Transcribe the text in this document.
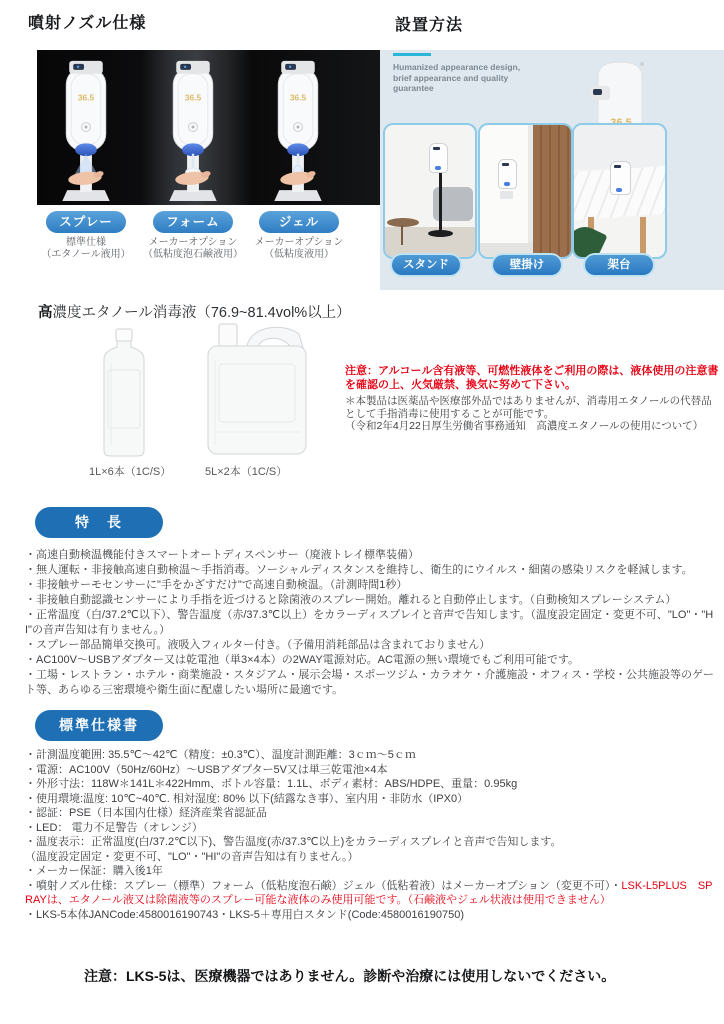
噴射ノズル仕様
36.5	36.5	36.5
スプレー
標準仕様
（エタノール液用）
フォーム
メーカーオプション
（低粘度泡石鹸液用）
ジェル
メーカーオプション
（低粘度液用）
設置方法
Humanized appearance design, brief appearance and quality guarantee
スタンド	壁掛け	架台
高濃度エタノール消毒液（76.9~81.4vol%以上）
1L×6本（1C/S）	5L×2本（1C/S）
注意：アルコール含有液等、可燃性液体をご利用の際は、液体使用の注意書を確認の上、火気厳禁、換気に努めて下さい。
＊本製品は医薬品や医療部外品ではありませんが、消毒用エタノールの代替品として手指消毒に使用することが可能です。
（令和2年4月22日厚生労働省事務通知　高濃度エタノールの使用について）
特　長
・高速自動検温機能付きスマートオートディスペンサー（廃液トレイ標準装備）
・無人運転・非接触高速自動検温～手指消毒。ソーシャルディスタンスを維持し、衛生的にウイルス・細菌の感染リスクを軽減します。
・非接触サーモセンサーに"手をかざすだけ"で高速自動検温。（計測時間1秒）
・非接触自動認識センサーにより手指を近づけると除菌液のスプレー開始。離れると自動停止します。（自動検知スプレーシステム）
・正常温度（白/37.2℃以下）、警告温度（赤/37.3℃以上）をカラーディスプレイと音声で告知します。（温度設定固定・変更不可、"LO"・"HI"の音声告知は有りません。）
・スプレー部品簡単交換可。液吸入フィルター付き。（予備用消耗部品は含まれておりません）
・AC100V～USBアダプター又は乾電池（単3×4本）の2WAY電源対応。AC電源の無い環境でもご利用可能です。
・工場・レストラン・ホテル・商業施設・スタジアム・展示会場・スポーツジム・カラオケ・介護施設・オフィス・学校・公共施設等のゲート等、あらゆる三密環境や衛生面に配慮したい場所に最適です。
標準仕様書
・計測温度範囲: 35.5℃～42℃（精度：±0.3℃）、温度計測距離：3ｃｍ～5ｃｍ
・電源：AC100V（50Hz/60Hz）～USBアダプター5V又は単三乾電池×4本
・外形寸法：118W＊141L＊422Hmm、ボトル容量：1.1L、ボディ素材：ABS/HDPE、重量：0.95kg
・使用環境:温度: 10℃~40℃. 相対湿度: 80% 以下(結露なき事）、室内用・非防水（IPX0）
・認証：PSE（日本国内仕様）経済産業省認証品
・LED： 電力不足警告（オレンジ）
・温度表示：正常温度(白/37.2℃以下)、警告温度(赤/37.3℃以上)をカラーディスプレイと音声で告知します。
（温度設定固定・変更不可、"LO"・"HI"の音声告知は有りません。）
・メーカー保証：購入後1年
・噴射ノズル仕様：スプレー（標準）フォーム（低粘度泡石鹸）ジェル（低粘着液）はメーカーオプション（変更不可）・LSK-L5PLUS　SPRAYは、エタノール液又は除菌液等のスプレー可能な液体のみ使用可能です。（石鹸液やジェル状液は使用できません）
・LKS-5本体JANCode:4580016190743・LKS-5＋専用白スタンド(Code:4580016190750)
注意：LKS-5は、医療機器ではありません。診断や治療には使用しないでください。
